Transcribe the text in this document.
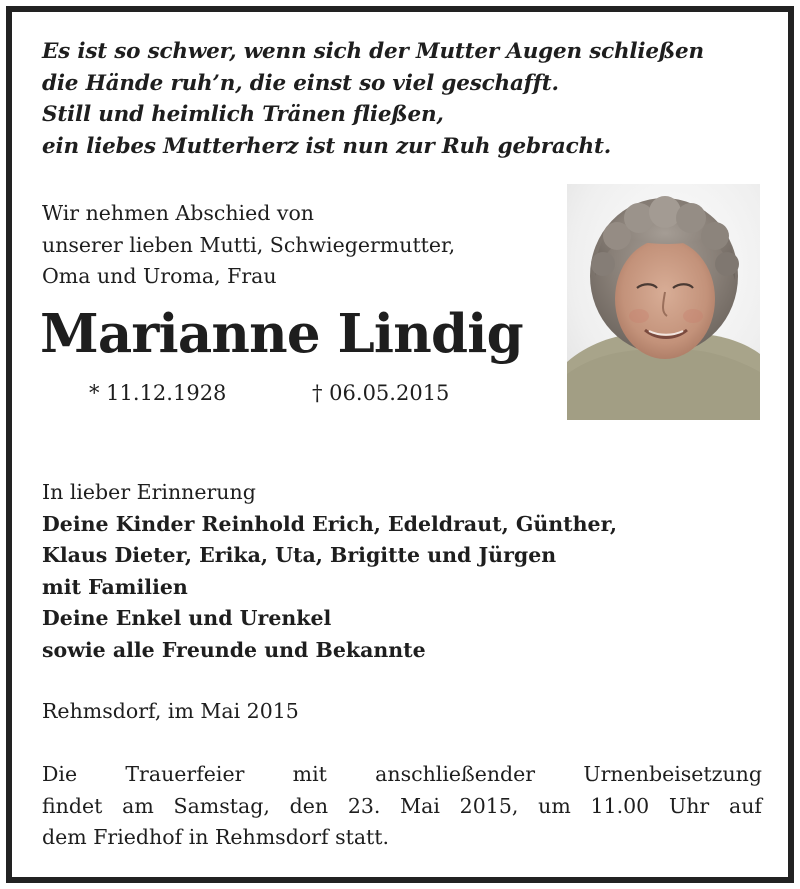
Es ist so schwer, wenn sich der Mutter Augen schließen
die Hände ruh’n, die einst so viel geschafft.
Still und heimlich Tränen fließen,
ein liebes Mutterherz ist nun zur Ruh gebracht.
Wir nehmen Abschied von
unserer lieben Mutti, Schwiegermutter,
Oma und Uroma, Frau
Marianne Lindig
* 11.12.1928	† 06.05.2015
In lieber Erinnerung
Deine Kinder Reinhold Erich, Edeldraut, Günther,
Klaus Dieter, Erika, Uta, Brigitte und Jürgen
mit Familien
Deine Enkel und Urenkel
sowie alle Freunde und Bekannte
Rehmsdorf, im Mai 2015
Die Trauerfeier mit anschließender Urnenbeisetzung
findet am Samstag, den 23. Mai 2015, um 11.00 Uhr auf
dem Friedhof in Rehmsdorf statt.
